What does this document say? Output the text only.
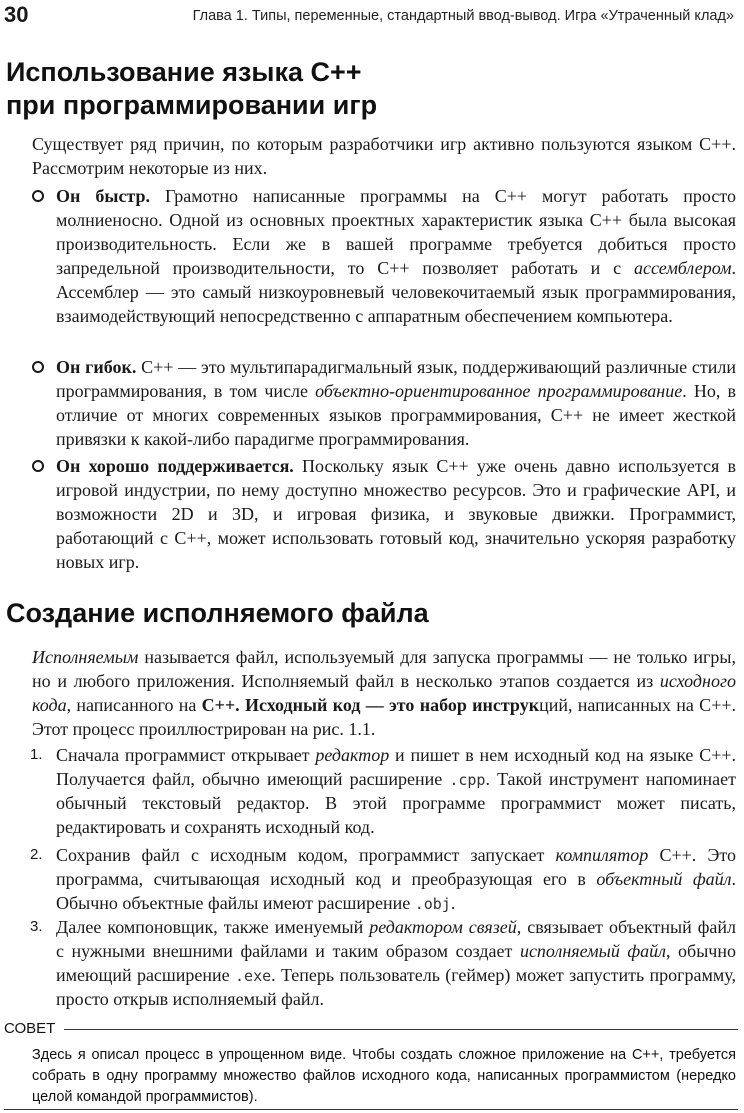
30	Глава 1. Типы, переменные, стандартный ввод-вывод. Игра «Утраченный клад»
Использование языка С++
при программировании игр

Существует ряд причин, по которым разработчики игр активно пользуются языком С++. Рассмотрим некоторые из них.

Он быстр. Грамотно написанные программы на С++ могут работать просто молниеносно. Одной из основных проектных характеристик языка С++ была высокая производительность. Если же в вашей программе требуется добиться просто запредельной производительности, то С++ позволяет работать и с ассемблером. Ассемблер — это самый низкоуровневый человекочитаемый язык программирования, взаимодействующий непосредственно с аппаратным обеспечением компьютера.
Он гибок. С++ — это мультипарадигмальный язык, поддерживающий различные стили программирования, в том числе объектно-ориентированное программирование. Но, в отличие от многих современных языков программирования, С++ не имеет жесткой привязки к какой-либо парадигме программирования.
Он хорошо поддерживается. Поскольку язык С++ уже очень давно используется в игровой индустрии, по нему доступно множество ресурсов. Это и графические API, и возможности 2D и 3D, и игровая физика, и звуковые движки. Программист, работающий с С++, может использовать готовый код, значительно ускоряя разработку новых игр.
Создание исполняемого файла

Исполняемым называется файл, используемый для запуска программы — не только игры, но и любого приложения. Исполняемый файл в несколько этапов создается из исходного кода, написанного на С++. Исходный код — это набор инструкций, написанных на С++. Этот процесс проиллюстрирован на рис. 1.1.

1. Сначала программист открывает редактор и пишет в нем исходный код на языке С++. Получается файл, обычно имеющий расширение .cpp. Такой инструмент напоминает обычный текстовый редактор. В этой программе программист может писать, редактировать и сохранять исходный код.
2. Сохранив файл с исходным кодом, программист запускает компилятор С++. Это программа, считывающая исходный код и преобразующая его в объектный файл. Обычно объектные файлы имеют расширение .obj.
3. Далее компоновщик, также именуемый редактором связей, связывает объектный файл с нужными внешними файлами и таким образом создает исполняемый файл, обычно имеющий расширение .exe. Теперь пользователь (геймер) может запустить программу, просто открыв исполняемый файл.
СОВЕТ

Здесь я описал процесс в упрощенном виде. Чтобы создать сложное приложение на С++, требуется собрать в одну программу множество файлов исходного кода, написанных программистом (нередко целой командой программистов).
